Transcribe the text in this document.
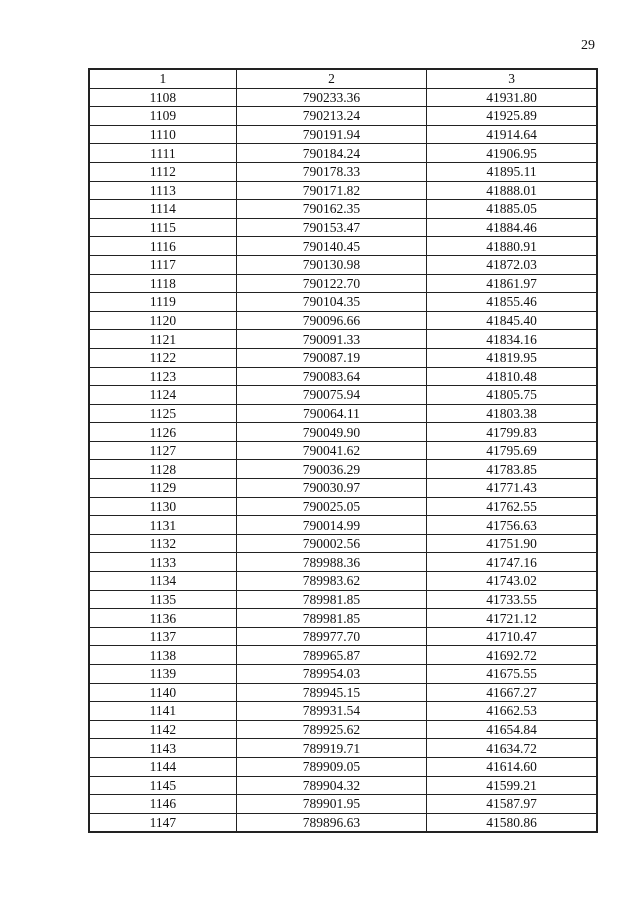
29
1	2	3
1108	790233.36	41931.80
1109	790213.24	41925.89
1110	790191.94	41914.64
1111	790184.24	41906.95
1112	790178.33	41895.11
1113	790171.82	41888.01
1114	790162.35	41885.05
1115	790153.47	41884.46
1116	790140.45	41880.91
1117	790130.98	41872.03
1118	790122.70	41861.97
1119	790104.35	41855.46
1120	790096.66	41845.40
1121	790091.33	41834.16
1122	790087.19	41819.95
1123	790083.64	41810.48
1124	790075.94	41805.75
1125	790064.11	41803.38
1126	790049.90	41799.83
1127	790041.62	41795.69
1128	790036.29	41783.85
1129	790030.97	41771.43
1130	790025.05	41762.55
1131	790014.99	41756.63
1132	790002.56	41751.90
1133	789988.36	41747.16
1134	789983.62	41743.02
1135	789981.85	41733.55
1136	789981.85	41721.12
1137	789977.70	41710.47
1138	789965.87	41692.72
1139	789954.03	41675.55
1140	789945.15	41667.27
1141	789931.54	41662.53
1142	789925.62	41654.84
1143	789919.71	41634.72
1144	789909.05	41614.60
1145	789904.32	41599.21
1146	789901.95	41587.97
1147	789896.63	41580.86
